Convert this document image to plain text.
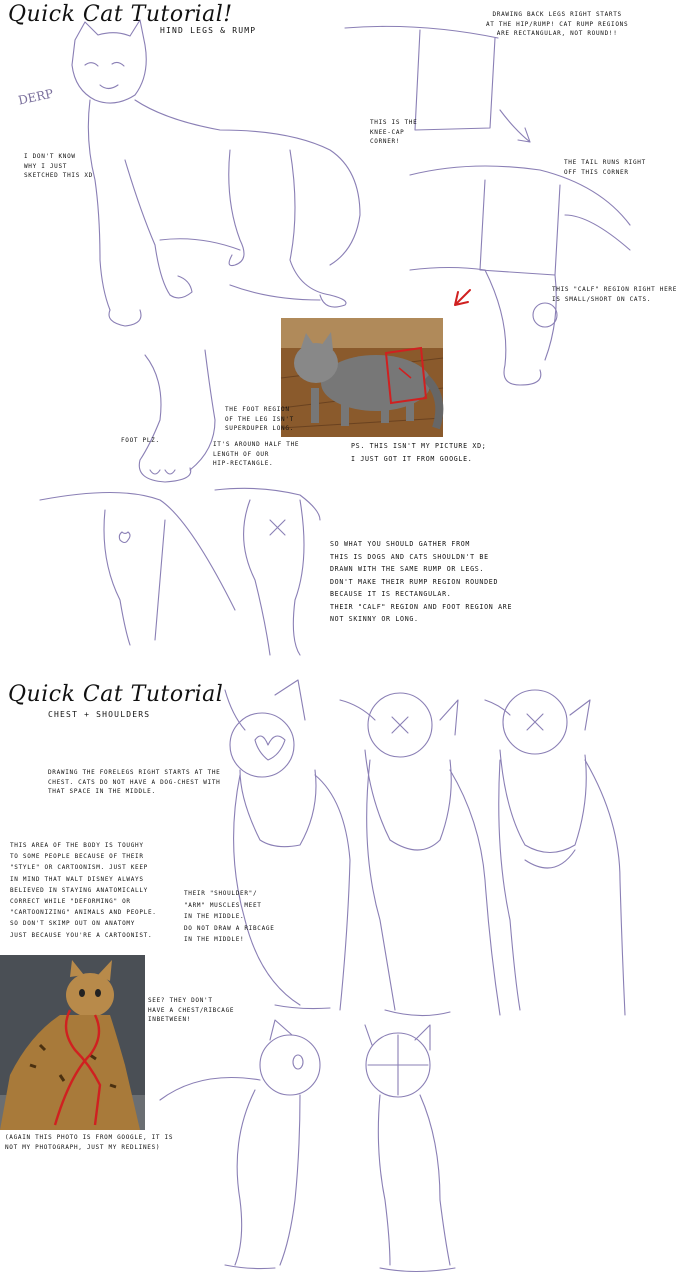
Quick Cat Tutorial!
HIND LEGS & RUMP
DERP
I DON'T KNOW
WHY I JUST
SKETCHED THIS XD
DRAWING BACK LEGS RIGHT STARTS
AT THE HIP/RUMP! CAT RUMP REGIONS
ARE RECTANGULAR, NOT ROUND!!
THIS IS THE
KNEE-CAP
CORNER!
THE TAIL RUNS RIGHT
OFF THIS CORNER
THIS "CALF" REGION RIGHT HERE
IS SMALL/SHORT ON CATS.
THE FOOT REGION
OF THE LEG ISN'T
SUPERDUPER LONG.
IT'S AROUND HALF THE
LENGTH OF OUR
HIP-RECTANGLE.
FOOT PLZ.
PS. THIS ISN'T MY PICTURE XD;
I JUST GOT IT FROM GOOGLE.
SO WHAT YOU SHOULD GATHER FROM
THIS IS DOGS AND CATS SHOULDN'T BE
DRAWN WITH THE SAME RUMP OR LEGS.
DON'T MAKE THEIR RUMP REGION ROUNDED
BECAUSE IT IS RECTANGULAR.
THEIR "CALF" REGION AND FOOT REGION ARE
NOT SKINNY OR LONG.
Quick Cat Tutorial
CHEST + SHOULDERS
DRAWING THE FORELEGS RIGHT STARTS AT THE
CHEST. CATS DO NOT HAVE A DOG-CHEST WITH
THAT SPACE IN THE MIDDLE.
THIS AREA OF THE BODY IS TOUGHY
TO SOME PEOPLE BECAUSE OF THEIR
"STYLE" OR CARTOONISM. JUST KEEP
IN MIND THAT WALT DISNEY ALWAYS
BELIEVED IN STAYING ANATOMICALLY
CORRECT WHILE "DEFORMING" OR
"CARTOONIZING" ANIMALS AND PEOPLE.
SO DON'T SKIMP OUT ON ANATOMY
JUST BECAUSE YOU'RE A CARTOONIST.
THEIR "SHOULDER"/
"ARM" MUSCLES MEET
IN THE MIDDLE.
DO NOT DRAW A RIBCAGE
IN THE MIDDLE!
SEE? THEY DON'T
HAVE A CHEST/RIBCAGE
INBETWEEN!
(AGAIN THIS PHOTO IS FROM GOOGLE, IT IS
NOT MY PHOTOGRAPH, JUST MY REDLINES)
